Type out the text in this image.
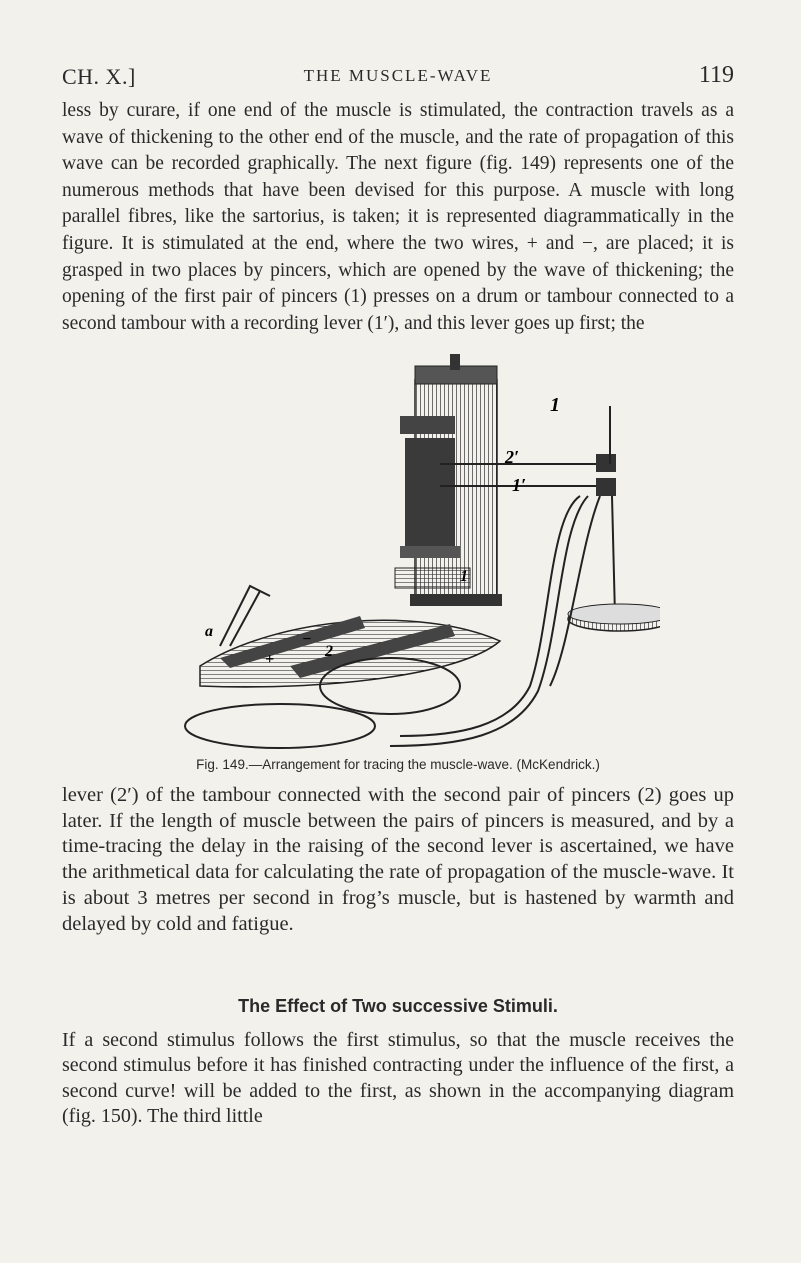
CH. X.]	THE MUSCLE-WAVE	119

less by curare, if one end of the muscle is stimulated, the contraction travels as a wave of thickening to the other end of the muscle, and the rate of propagation of this wave can be recorded graphically. The next figure (fig. 149) represents one of the numerous methods that have been devised for this purpose. A muscle with long parallel fibres, like the sartorius, is taken; it is represented diagrammatically in the figure. It is stimulated at the end, where the two wires, + and −, are placed; it is grasped in two places by pincers, which are opened by the wave of thickening; the opening of the first pair of pincers (1) presses on a drum or tambour connected to a second tambour with a recording lever (1′), and this lever goes up first; the

2′
1′
1
1
2
+
−
a
Fig. 149.—Arrangement for tracing the muscle-wave. (McKendrick.)

lever (2′) of the tambour connected with the second pair of pincers (2) goes up later. If the length of muscle between the pairs of pincers is measured, and by a time-tracing the delay in the raising of the second lever is ascertained, we have the arithmetical data for calculating the rate of propagation of the muscle-wave. It is about 3 metres per second in frog’s muscle, but is hastened by warmth and delayed by cold and fatigue.

The Effect of Two successive Stimuli.

If a second stimulus follows the first stimulus, so that the muscle receives the second stimulus before it has finished contracting under the influence of the first, a second curve! will be added to the first, as shown in the accompanying diagram (fig. 150). The third little
